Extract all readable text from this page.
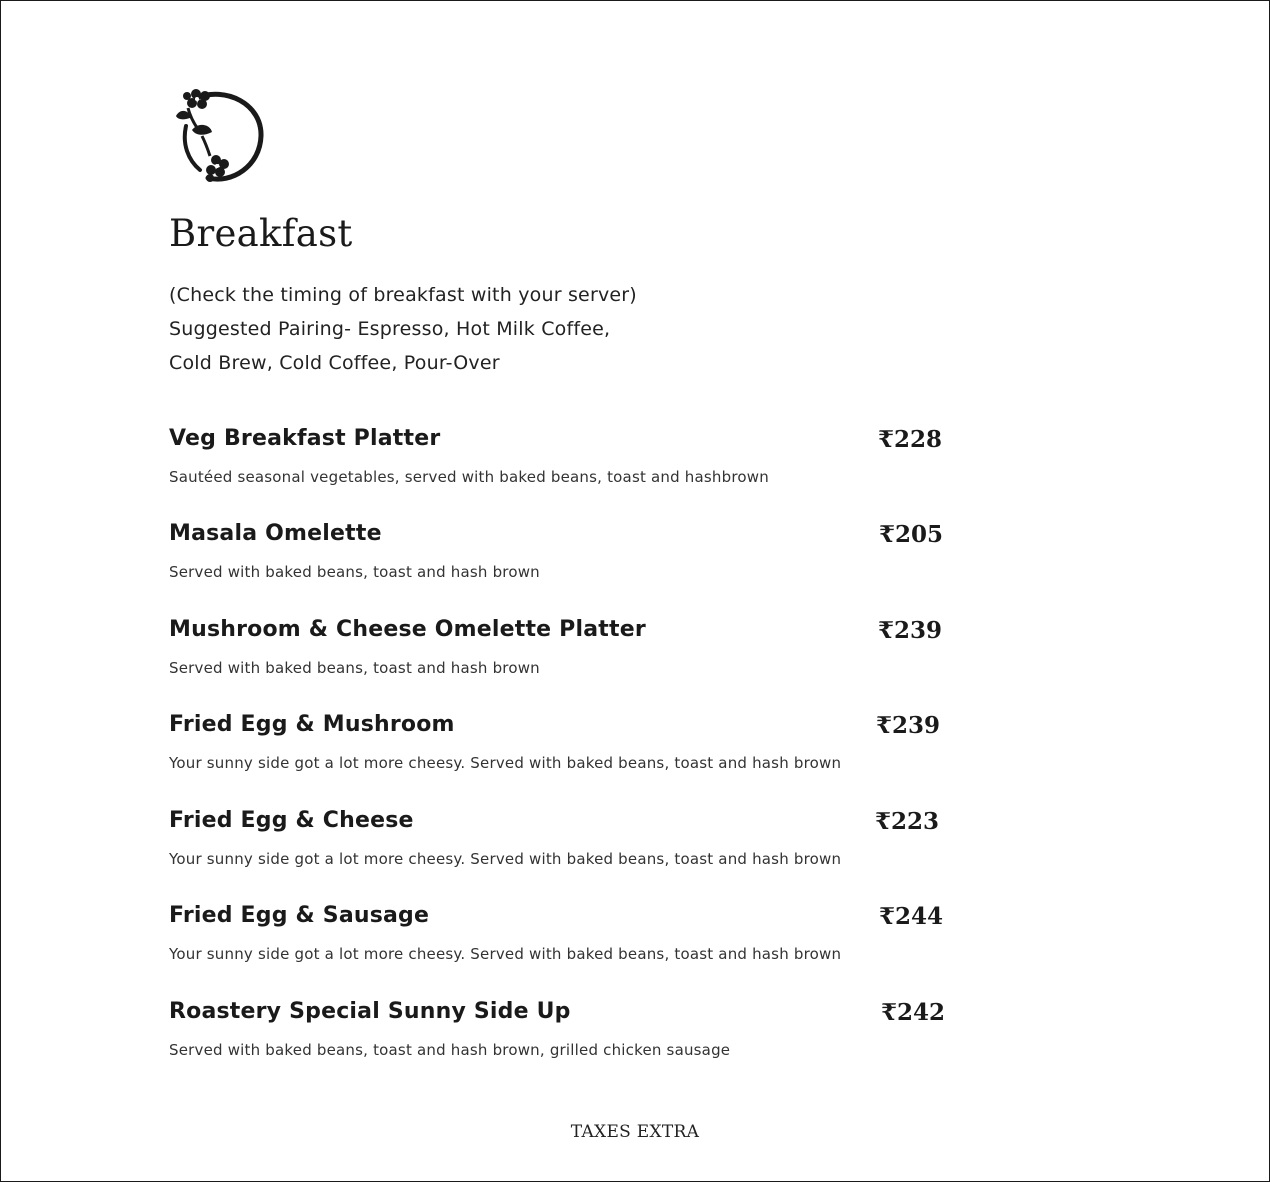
Breakfast
(Check the timing of breakfast with your server)
Suggested Pairing- Espresso, Hot Milk Coffee,
Cold Brew, Cold Coffee, Pour-Over
Veg Breakfast Platter	₹228
Sautéed seasonal vegetables, served with baked beans, toast and hashbrown
Masala Omelette	₹205
Served with baked beans, toast and hash brown
Mushroom & Cheese Omelette Platter	₹239
Served with baked beans, toast and hash brown
Fried Egg & Mushroom	₹239
Your sunny side got a lot more cheesy. Served with baked beans, toast and hash brown
Fried Egg & Cheese	₹223
Your sunny side got a lot more cheesy. Served with baked beans, toast and hash brown
Fried Egg & Sausage	₹244
Your sunny side got a lot more cheesy. Served with baked beans, toast and hash brown
Roastery Special Sunny Side Up	₹242
Served with baked beans, toast and hash brown, grilled chicken sausage
TAXES EXTRA
